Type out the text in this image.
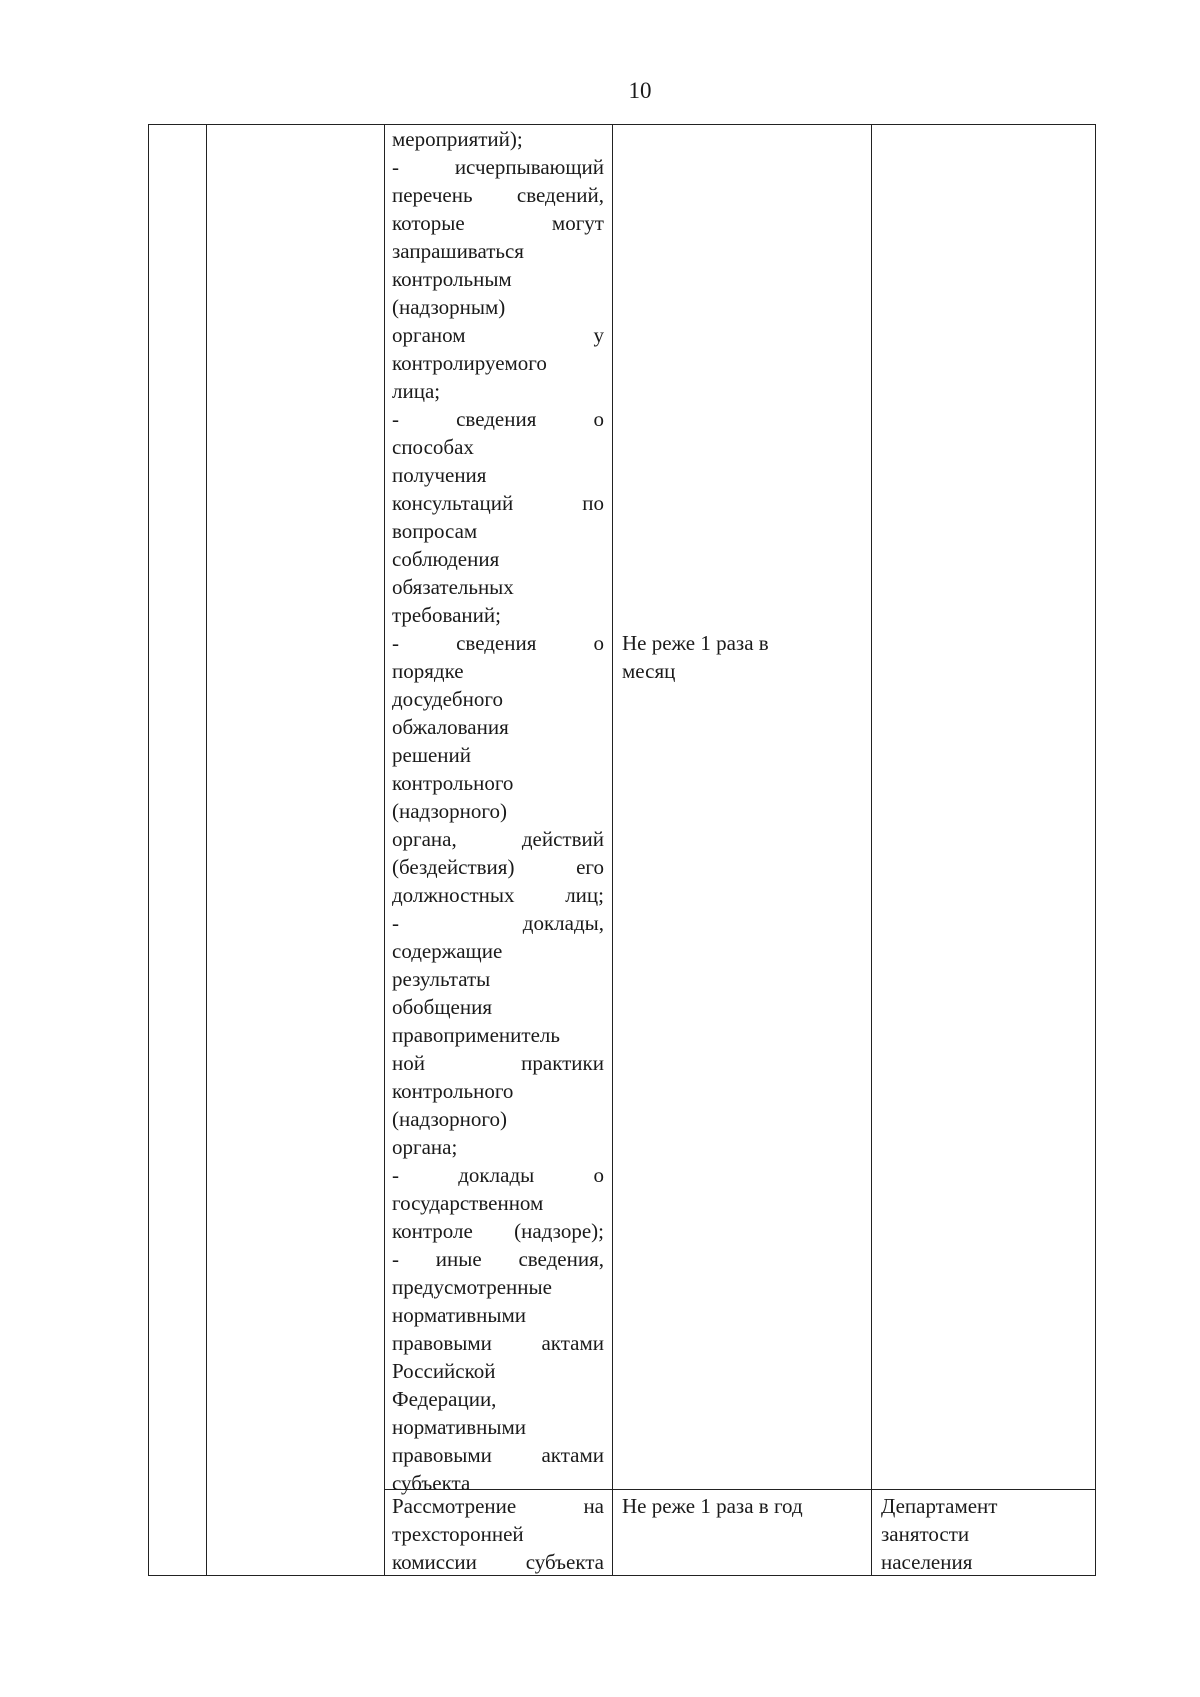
10
мероприятий);
- исчерпывающий
перечень сведений,
которые могут
запрашиваться
контрольным
(надзорным)
органом у
контролируемого
лица;
- сведения о
способах
получения
консультаций по
вопросам
соблюдения
обязательных
требований;
- сведения о
порядке
досудебного
обжалования
решений
контрольного
(надзорного)
органа, действий
(бездействия) его
должностных лиц;
- доклады,
содержащие
результаты
обобщения
правоприменитель
ной практики
контрольного
(надзорного)
органа;
- доклады о
государственном
контроле (надзоре);
- иные сведения,
предусмотренные
нормативными
правовыми актами
Российской
Федерации,
нормативными
правовыми актами
субъекта
Не реже 1 раза в
месяц
Рассмотрение на
трехсторонней
комиссии субъекта
Не реже 1 раза в год	Департамент
занятости
населения
